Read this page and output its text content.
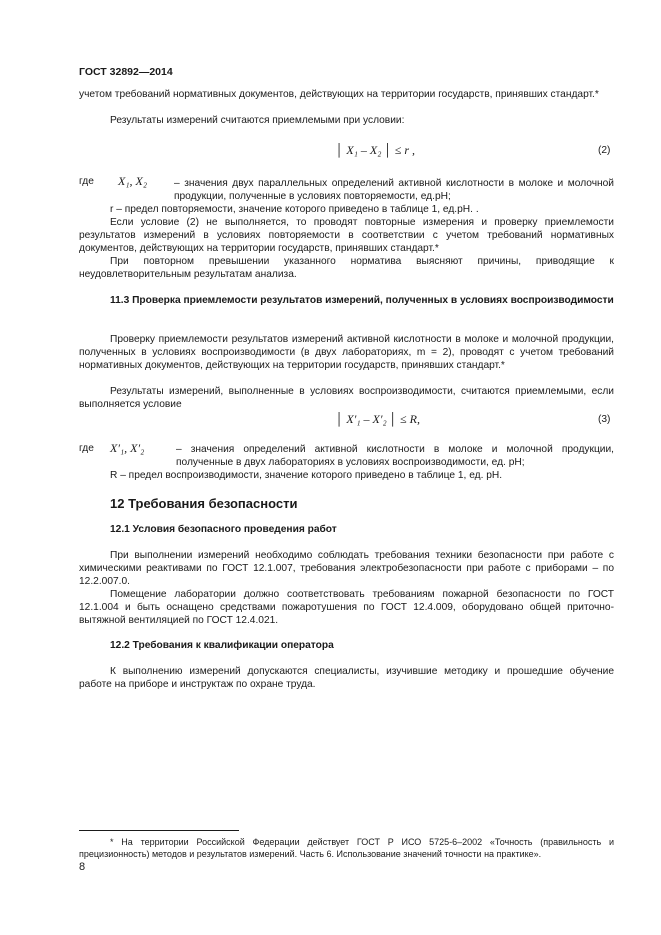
ГОСТ 32892—2014
учетом требований нормативных документов, действующих на территории государств, принявших стандарт.*
Результаты измерений считаются приемлемыми при условии:
│ X₁ – X₂ │ ≤ r ,	(2)
где X₁, X₂	– значения двух параллельных определений активной кислотности в молоке и молочной продукции, полученные в условиях повторяемости, ед.pH;
r – предел повторяемости, значение которого приведено в таблице 1, ед.pH. .
Если условие (2) не выполняется, то проводят повторные измерения и проверку приемлемости результатов измерений в условиях повторяемости в соответствии с учетом требований нормативных документов, действующих на территории государств, принявших стандарт.*
При повторном превышении указанного норматива выясняют причины, приводящие к неудовлетворительным результатам анализа.
11.3 Проверка приемлемости результатов измерений, полученных в условиях воспроизводимости
Проверку приемлемости результатов измерений активной кислотности в молоке и молочной продукции, полученных в условиях воспроизводимости (в двух лабораториях, m = 2), проводят с учетом требований нормативных документов, действующих на территории государств, принявших стандарт.*
Результаты измерений, выполненные в условиях воспроизводимости, считаются приемлемыми, если выполняется условие
│ X′₁ – X′₂ │ ≤ R,	(3)
где X′₁, X′₂	– значения определений активной кислотности в молоке и молочной продукции, полученные в двух лабораториях в условиях воспроизводимости, ед. pH;
R – предел воспроизводимости, значение которого приведено в таблице 1, ед. pH.
12 Требования безопасности
12.1 Условия безопасного проведения работ
При выполнении измерений необходимо соблюдать требования техники безопасности при работе с химическими реактивами по ГОСТ 12.1.007, требования электробезопасности при работе с приборами – по 12.2.007.0.
Помещение лаборатории должно соответствовать требованиям пожарной безопасности по ГОСТ 12.1.004 и быть оснащено средствами пожаротушения по ГОСТ 12.4.009, оборудовано общей приточно-вытяжной вентиляцией по ГОСТ 12.4.021.
12.2 Требования к квалификации оператора
К выполнению измерений допускаются специалисты, изучившие методику и прошедшие обучение работе на приборе и инструктаж по охране труда.
* На территории Российской Федерации действует ГОСТ Р ИСО 5725-6–2002 «Точность (правильность и прецизионность) методов и результатов измерений. Часть 6. Использование значений точности на практике».
8
